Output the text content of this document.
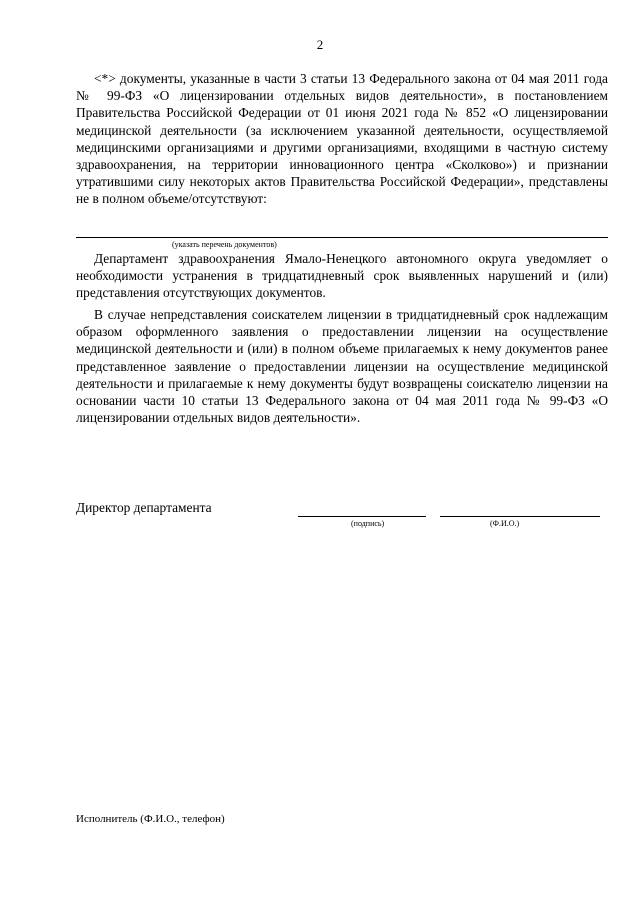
2

<*> документы, указанные в части 3 статьи 13 Федерального закона от 04 мая 2011 года № 99-ФЗ «О лицензировании отдельных видов деятельности», в постановлением Правительства Российской Федерации от 01 июня 2021 года № 852 «О лицензировании медицинской деятельности (за исключением указанной деятельности, осуществляемой медицинскими организациями и другими организациями, входящими в частную систему здравоохранения, на территории инновационного центра «Сколково») и признании утратившими силу некоторых актов Правительства Российской Федерации», представлены не в полном объеме/отсутствуют:

(указать перечень документов)

Департамент здравоохранения Ямало-Ненецкого автономного округа уведомляет о необходимости устранения в тридцатидневный срок выявленных нарушений и (или) представления отсутствующих документов.

В случае непредставления соискателем лицензии в тридцатидневный срок надлежащим образом оформленного заявления о предоставлении лицензии на осуществление медицинской деятельности и (или) в полном объеме прилагаемых к нему документов ранее представленное заявление о предоставлении лицензии на осуществление медицинской деятельности и прилагаемые к нему документы будут возвращены соискателю лицензии на основании части 10 статьи 13 Федерального закона от 04 мая 2011 года № 99-ФЗ «О лицензировании отдельных видов деятельности».

Директор департамента
(подпись)	(Ф.И.О.)
Исполнитель (Ф.И.О., телефон)
